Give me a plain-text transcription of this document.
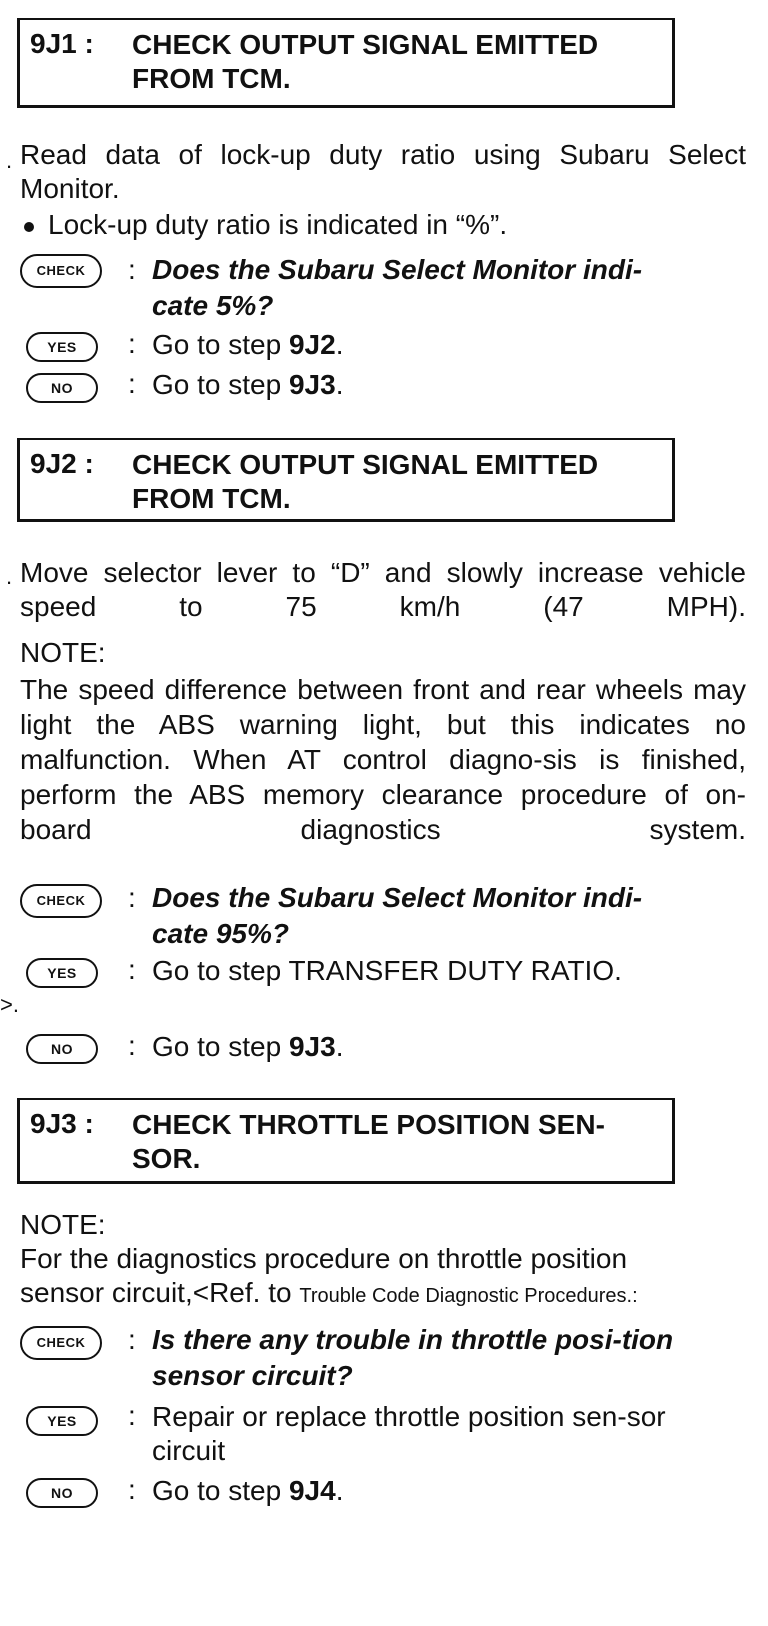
9J1 : CHECK OUTPUT SIGNAL EMITTED FROM TCM.
. Read data of lock-up duty ratio using Subaru Select Monitor.
Lock-up duty ratio is indicated in “%”.
CHECK	: Does the Subaru Select Monitor indi-cate 5%?
YES	: Go to step 9J2.
NO	: Go to step 9J3.
9J2 : CHECK OUTPUT SIGNAL EMITTED FROM TCM.
. Move selector lever to “D” and slowly increase vehicle speed to 75 km/h (47 MPH).
NOTE:
The speed difference between front and rear wheels may light the ABS warning light, but this indicates no malfunction. When AT control diagno-sis is finished, perform the ABS memory clearance procedure of on-board diagnostics system.
CHECK	: Does the Subaru Select Monitor indi-cate 95%?
YES	: Go to step TRANSFER DUTY RATIO.
>.
NO	: Go to step 9J3.
9J3 : CHECK THROTTLE POSITION SEN-SOR.
NOTE:
For the diagnostics procedure on throttle position
sensor circuit,<Ref. to Trouble Code Diagnostic Procedures.:
CHECK	: Is there any trouble in throttle posi-tion sensor circuit?
YES	: Repair or replace throttle position sen-sor circuit
NO	: Go to step 9J4.
